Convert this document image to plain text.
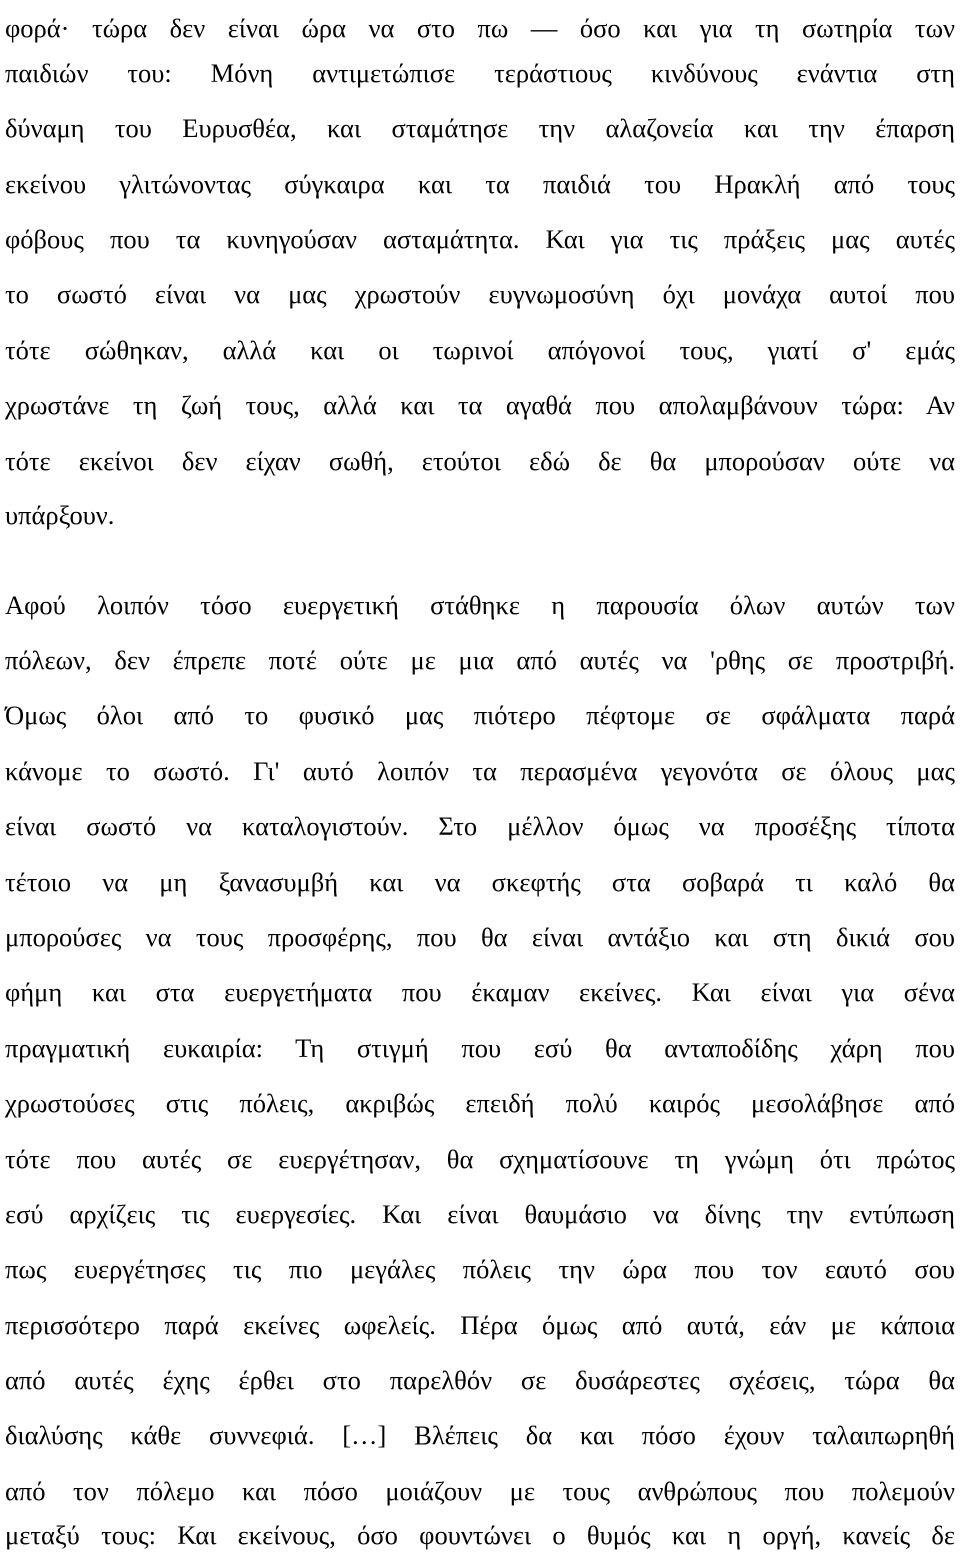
φορά· τώρα δεν είναι ώρα να στο πω ― όσο και για τη σωτηρία των

παιδιών του: Μόνη αντιμετώπισε τεράστιους κινδύνους ενάντια στη

δύναμη του Ευρυσθέα, και σταμάτησε την αλαζονεία και την έπαρση

εκείνου γλιτώνοντας σύγκαιρα και τα παιδιά του Ηρακλή από τους

φόβους που τα κυνηγούσαν ασταμάτητα. Και για τις πράξεις μας αυτές

το σωστό είναι να μας χρωστούν ευγνωμοσύνη όχι μονάχα αυτοί που

τότε σώθηκαν, αλλά και οι τωρινοί απόγονοί τους, γιατί σ' εμάς

χρωστάνε τη ζωή τους, αλλά και τα αγαθά που απολαμβάνουν τώρα: Αν

τότε εκείνοι δεν είχαν σωθή, ετούτοι εδώ δε θα μπορούσαν ούτε να

υπάρξουν.

Αφού λοιπόν τόσο ευεργετική στάθηκε η παρουσία όλων αυτών των

πόλεων, δεν έπρεπε ποτέ ούτε με μια από αυτές να 'ρθης σε προστριβή.

Όμως όλοι από το φυσικό μας πιότερο πέφτομε σε σφάλματα παρά

κάνομε το σωστό. Γι' αυτό λοιπόν τα περασμένα γεγονότα σε όλους μας

είναι σωστό να καταλογιστούν. Στο μέλλον όμως να προσέξης τίποτα

τέτοιο να μη ξανασυμβή και να σκεφτής στα σοβαρά τι καλό θα

μπορούσες να τους προσφέρης, που θα είναι αντάξιο και στη δικιά σου

φήμη και στα ευεργετήματα που έκαμαν εκείνες. Και είναι για σένα

πραγματική ευκαιρία: Τη στιγμή που εσύ θα ανταποδίδης χάρη που

χρωστούσες στις πόλεις, ακριβώς επειδή πολύ καιρός μεσολάβησε από

τότε που αυτές σε ευεργέτησαν, θα σχηματίσουνε τη γνώμη ότι πρώτος

εσύ αρχίζεις τις ευεργεσίες. Και είναι θαυμάσιο να δίνης την εντύπωση

πως ευεργέτησες τις πιο μεγάλες πόλεις την ώρα που τον εαυτό σου

περισσότερο παρά εκείνες ωφελείς. Πέρα όμως από αυτά, εάν με κάποια

από αυτές έχης έρθει στο παρελθόν σε δυσάρεστες σχέσεις, τώρα θα

διαλύσης κάθε συννεφιά. […] Βλέπεις δα και πόσο έχουν ταλαιπωρηθή

από τον πόλεμο και πόσο μοιάζουν με τους ανθρώπους που πολεμούν

μεταξύ τους: Και εκείνους, όσο φουντώνει ο θυμός και η οργή, κανείς δε
